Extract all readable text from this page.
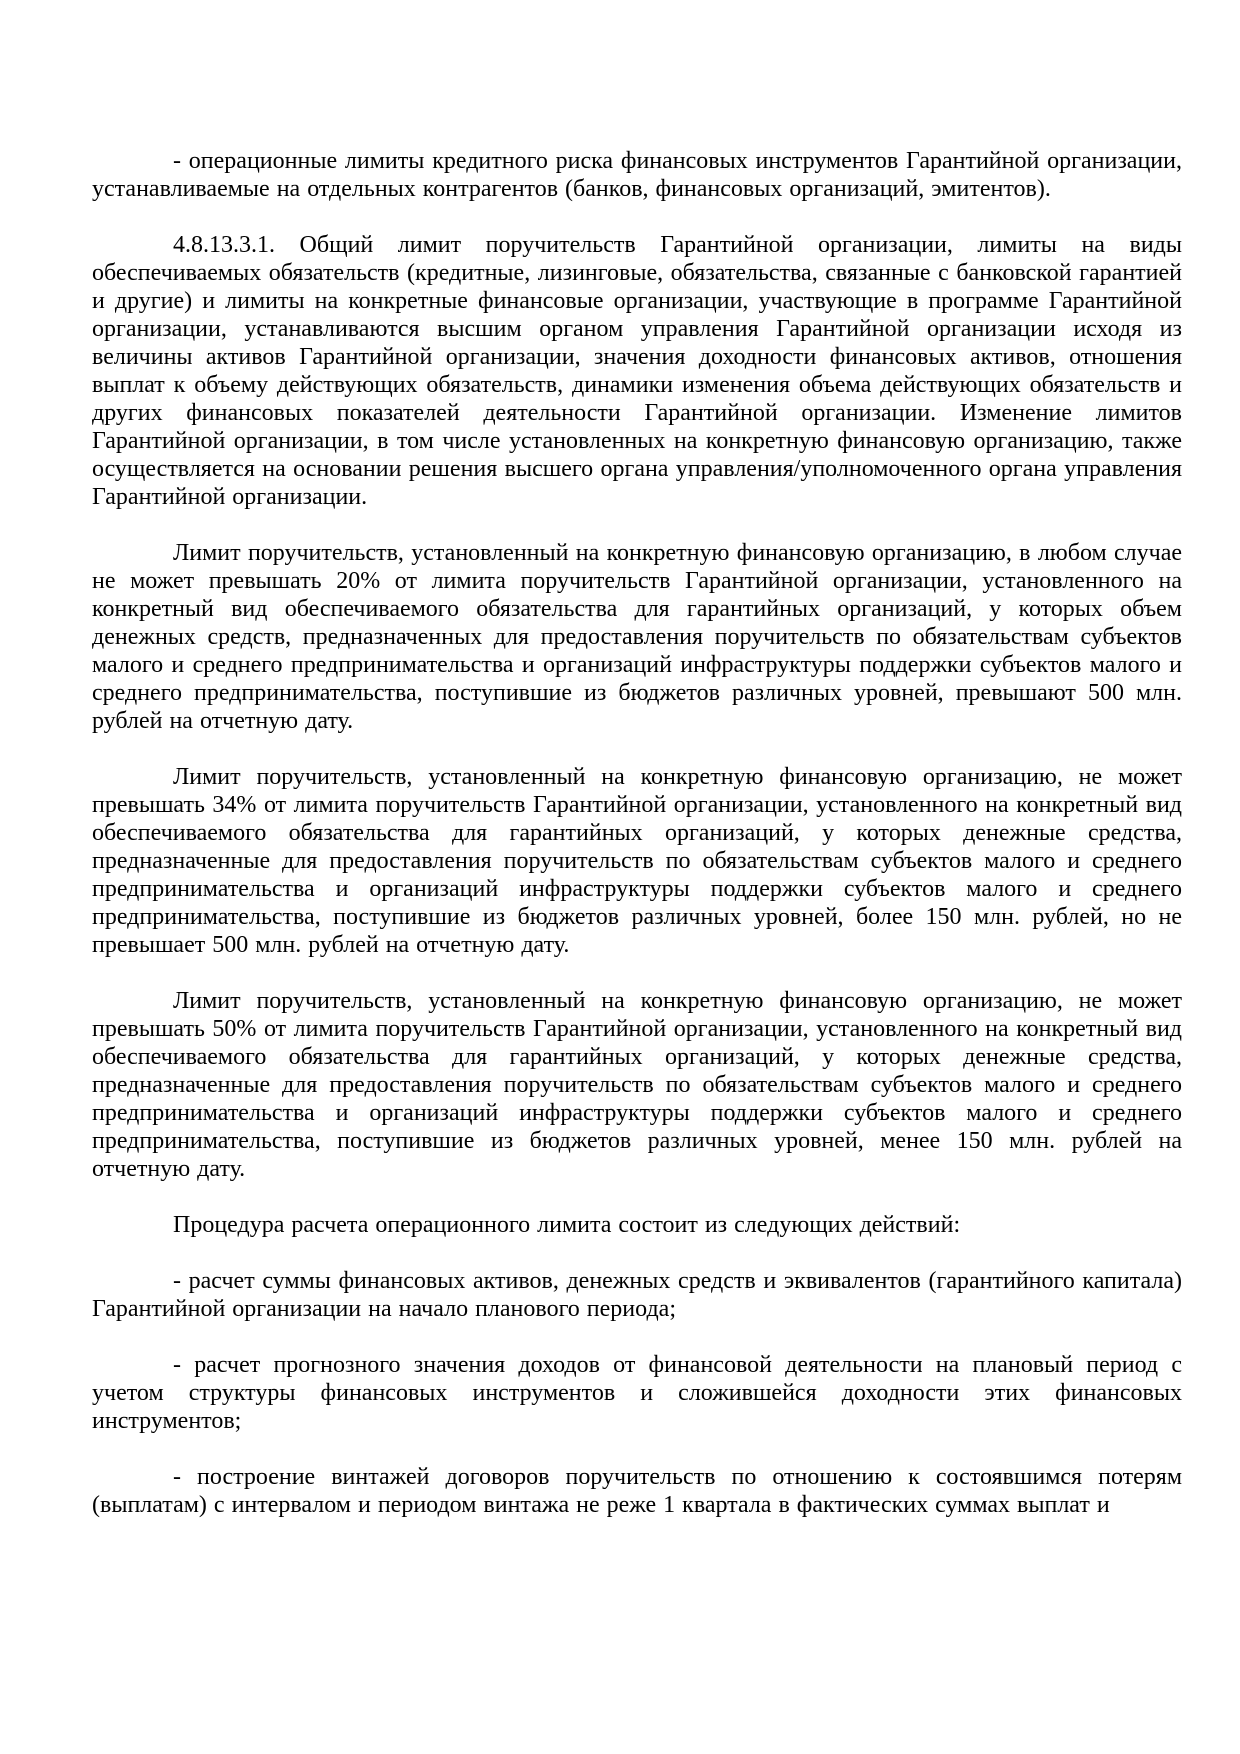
- операционные лимиты кредитного риска финансовых инструментов Гарантийной организации, устанавливаемые на отдельных контрагентов (банков, финансовых организаций, эмитентов).

4.8.13.3.1. Общий лимит поручительств Гарантийной организации, лимиты на виды обеспечиваемых обязательств (кредитные, лизинговые, обязательства, связанные с банковской гарантией и другие) и лимиты на конкретные финансовые организации, участвующие в программе Гарантийной организации, устанавливаются высшим органом управления Гарантийной организации исходя из величины активов Гарантийной организации, значения доходности финансовых активов, отношения выплат к объему действующих обязательств, динамики изменения объема действующих обязательств и других финансовых показателей деятельности Гарантийной организации. Изменение лимитов Гарантийной организации, в том числе установленных на конкретную финансовую организацию, также осуществляется на основании решения высшего органа управления/уполномоченного органа управления Гарантийной организации.

Лимит поручительств, установленный на конкретную финансовую организацию, в любом случае не может превышать 20% от лимита поручительств Гарантийной организации, установленного на конкретный вид обеспечиваемого обязательства для гарантийных организаций, у которых объем денежных средств, предназначенных для предоставления поручительств по обязательствам субъектов малого и среднего предпринимательства и организаций инфраструктуры поддержки субъектов малого и среднего предпринимательства, поступившие из бюджетов различных уровней, превышают 500 млн. рублей на отчетную дату.

Лимит поручительств, установленный на конкретную финансовую организацию, не может превышать 34% от лимита поручительств Гарантийной организации, установленного на конкретный вид обеспечиваемого обязательства для гарантийных организаций, у которых денежные средства, предназначенные для предоставления поручительств по обязательствам субъектов малого и среднего предпринимательства и организаций инфраструктуры поддержки субъектов малого и среднего предпринимательства, поступившие из бюджетов различных уровней, более 150 млн. рублей, но не превышает 500 млн. рублей на отчетную дату.

Лимит поручительств, установленный на конкретную финансовую организацию, не может превышать 50% от лимита поручительств Гарантийной организации, установленного на конкретный вид обеспечиваемого обязательства для гарантийных организаций, у которых денежные средства, предназначенные для предоставления поручительств по обязательствам субъектов малого и среднего предпринимательства и организаций инфраструктуры поддержки субъектов малого и среднего предпринимательства, поступившие из бюджетов различных уровней, менее 150 млн. рублей на отчетную дату.

Процедура расчета операционного лимита состоит из следующих действий:

- расчет суммы финансовых активов, денежных средств и эквивалентов (гарантийного капитала) Гарантийной организации на начало планового периода;

- расчет прогнозного значения доходов от финансовой деятельности на плановый период с учетом структуры финансовых инструментов и сложившейся доходности этих финансовых инструментов;

- построение винтажей договоров поручительств по отношению к состоявшимся потерям (выплатам) с интервалом и периодом винтажа не реже 1 квартала в фактических суммах выплат и
